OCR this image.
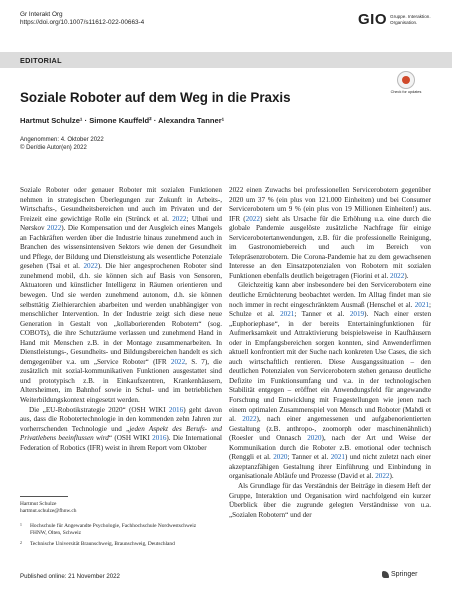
Gr Interakt Org
https://doi.org/10.1007/s11612-022-00663-4	GIO Gruppe. Interaktion. Organisation.
EDITORIAL
Check for updates
Soziale Roboter auf dem Weg in die Praxis
Hartmut Schulze¹ · Simone Kauffeld² · Alexandra Tanner¹
Angenommen: 4. Oktober 2022
© Der/die Autor(en) 2022

Soziale Roboter oder genauer Roboter mit sozialen Funktionen nehmen in strategischen Überlegungen zur Zukunft in Arbeits-, Wirtschafts-, Gesundheitsbereichen und auch im Privaten und der Freizeit eine gewichtige Rolle ein (Strünck et al. 2022; Ulhøi und Nørskov 2022). Die Kompensation und der Ausgleich eines Mangels an Fachkräften werden über die Industrie hinaus zunehmend auch in Branchen des wissensintensiven Sektors wie denen der Gesundheit und Pflege, der Bildung und Dienstleistung als wesentliche Potenziale gesehen (Tsai et al. 2022). Die hier angesprochenen Roboter sind zunehmend mobil, d.h. sie können sich auf Basis von Sensoren, Aktuatoren und künstlicher Intelligenz in Räumen orientieren und bewegen. Und sie werden zunehmend autonom, d.h. sie können selbsttätig Zielhierarchien abarbeiten und werden unabhängiger von menschlicher Intervention. In der Industrie zeigt sich diese neue Generation in Gestalt von „kollaborierenden Robotern“ (sog. COBOTs), die ihre Schutzräume verlassen und zunehmend Hand in Hand mit Menschen z.B. in der Montage zusammenarbeiten. In Dienstleistungs-, Gesundheits- und Bildungsbereichen handelt es sich demgegenüber v.a. um „Service Roboter“ (IFR 2022, S. 7), die zusätzlich mit sozial-kommunikativen Funktionen ausgestattet sind und prototypisch z.B. in Einkaufszentren, Krankenhäusern, Altersheimen, im Bahnhof sowie in Schul- und im betrieblichen Weiterbildungskontext eingesetzt werden.

Die „EU-Robotikstrategie 2020“ (OSH WIKI 2016) geht davon aus, dass die Robotertechnologie in den kommenden zehn Jahren zur vorherrschenden Technologie und „jeden Aspekt des Berufs- und Privatlebens beeinflussen wird“ (OSH WIKI 2016). Die International Federation of Robotics (IFR) weist in ihrem Report vom Oktober

2022 einen Zuwachs bei professionellen Servicerobotern gegenüber 2020 um 37 % (ein plus von 121.000 Einheiten) und bei Consumer Servicerobotern um 9 % (ein plus von 19 Millionen Einheiten!) aus. IFR (2022) sieht als Ursache für die Erhöhung u.a. eine durch die globale Pandemie ausgelöste zusätzliche Nachfrage für einige Servicerobotertanwendungen, z.B. für die professionelle Reinigung, im Gastronomiebereich und auch im Bereich von Telepräsenzrobotern. Die Corona-Pandemie hat zu dem gewachsenen Interesse an den Einsatzpotenzialen von Robotern mit sozialen Funktionen ebenfalls deutlich beigetragen (Fiorini et al. 2022).

Gleichzeitig kann aber insbesondere bei den Servicerobotern eine deutliche Ernüchterung beobachtet werden. Im Alltag findet man sie noch immer in recht eingeschränktem Ausmaß (Henschel et al. 2021; Schulze et al. 2021; Tanner et al. 2019). Nach einer ersten „Euphoriephase“, in der bereits Entertainingfunktionen für Aufmerksamkeit und Attraktivierung beispielsweise in Kaufhäusern oder in Empfangsbereichen sorgen konnten, sind Anwenderfirmen aktuell konfrontiert mit der Suche nach konkreten Use Cases, die sich auch wirtschaftlich rentieren. Diese Ausgangssituation – den deutlichen Potenzialen von Servicerobotern stehen genauso deutliche Defizite im Funktionsumfang und v.a. in der technologischen Stabilität entgegen – eröffnet ein Anwendungsfeld für angewandte Forschung und Entwicklung mit Fragestellungen wie jenen nach einem optimalen Zusammenspiel von Mensch und Roboter (Mahdi et al. 2022), nach einer angemessenen und aufgabenorientierten Gestaltung (z.B. anthropo-, zoomorph oder maschinenähnlich) (Roesler und Onnasch 2020), nach der Art und Weise der Kommunikation durch die Roboter z.B. emotional oder technisch (Renggli et al. 2020; Tanner et al. 2021) und nicht zuletzt nach einer akzeptanzfähigen Gestaltung ihrer Einführung und Einbindung in organisationale Abläufe und Prozesse (David et al. 2022).

Als Grundlage für das Verständnis der Beiträge in diesem Heft der Gruppe, Interaktion und Organisation wird nachfolgend ein kurzer Überblick über die zugrunde gelegten Verständnisse von u.a. „Sozialen Robotern“ und der

Hartmut Schulze
hartmut.schulze@fhnw.ch
1	Hochschule für Angewandte Psychologie, Fachhochschule Nordwestschweiz FHNW, Olten, Schweiz
2	Technische Universität Braunschweig, Braunschweig, Deutschland
Published online: 21 November 2022	Springer
